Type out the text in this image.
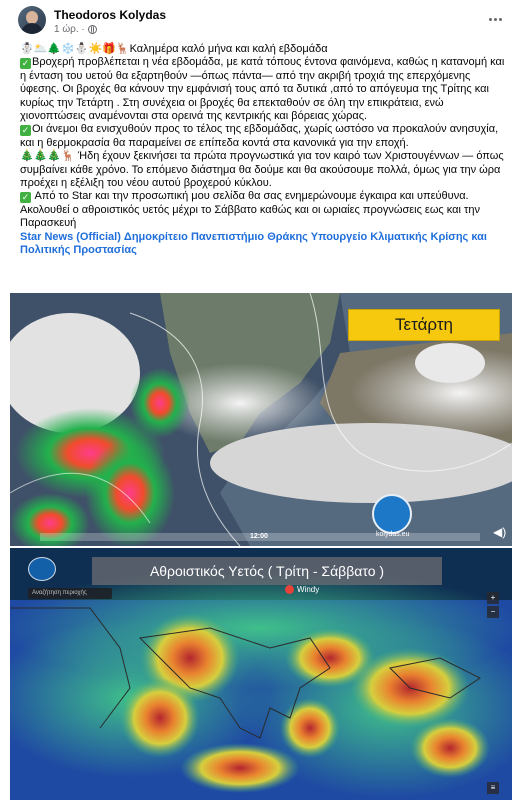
Theodoros Kolydas
1 ώρ. ·

☃️🌥️🌲❄️⛄☀️🎁🦌Καλημέρα καλό μήνα και καλή εβδομάδα

✓ Βροχερή προβλέπεται η νέα εβδομάδα, με κατά τόπους έντονα φαινόμενα, καθώς η κατανομή και η ένταση του υετού θα εξαρτηθούν —όπως πάντα— από την ακριβή τροχιά της επερχόμενης ύφεσης. Οι βροχές θα κάνουν την εμφάνισή τους από τα δυτικά ,από το απόγευμα της Τρίτης και κυρίως την Τετάρτη . Στη συνέχεια οι βροχές θα επεκταθούν σε όλη την επικράτεια, ενώ χιονοπτώσεις αναμένονται στα ορεινά της κεντρικής και βόρειας χώρας.

✓ Οι άνεμοι θα ενισχυθούν προς το τέλος της εβδομάδας, χωρίς ωστόσο να προκαλούν ανησυχία, και η θερμοκρασία θα παραμείνει σε επίπεδα κοντά στα κανονικά για την εποχή.

🎄🎄🎄🦌 Ήδη έχουν ξεκινήσει τα πρώτα προγνωστικά για τον καιρό των Χριστουγέννων — όπως συμβαίνει κάθε χρόνο. Το επόμενο διάστημα θα δούμε και θα ακούσουμε πολλά, όμως για την ώρα προέχει η εξέλιξη του νέου αυτού βροχερού κύκλου.

✓ Από το Star και την προσωπική μου σελίδα θα σας ενημερώνουμε έγκαιρα και υπεύθυνα. Ακολουθεί ο αθροιστικός υετός μέχρι το Σάββατο καθώς και οι ωριαίες προγνώσεις εως και την Παρασκευή

Star News (Official) Δημοκρίτειο Πανεπιστήμιο Θράκης Υπουργείο Κλιματικής Κρίσης και Πολιτικής Προστασίας

Τετάρτη
kolydas.eu
12:00	◀)
Αθροιστικός Υετός ( Τρίτη - Σάββατο )
Αναζήτηση περιοχής	Windy
+
−
≡
